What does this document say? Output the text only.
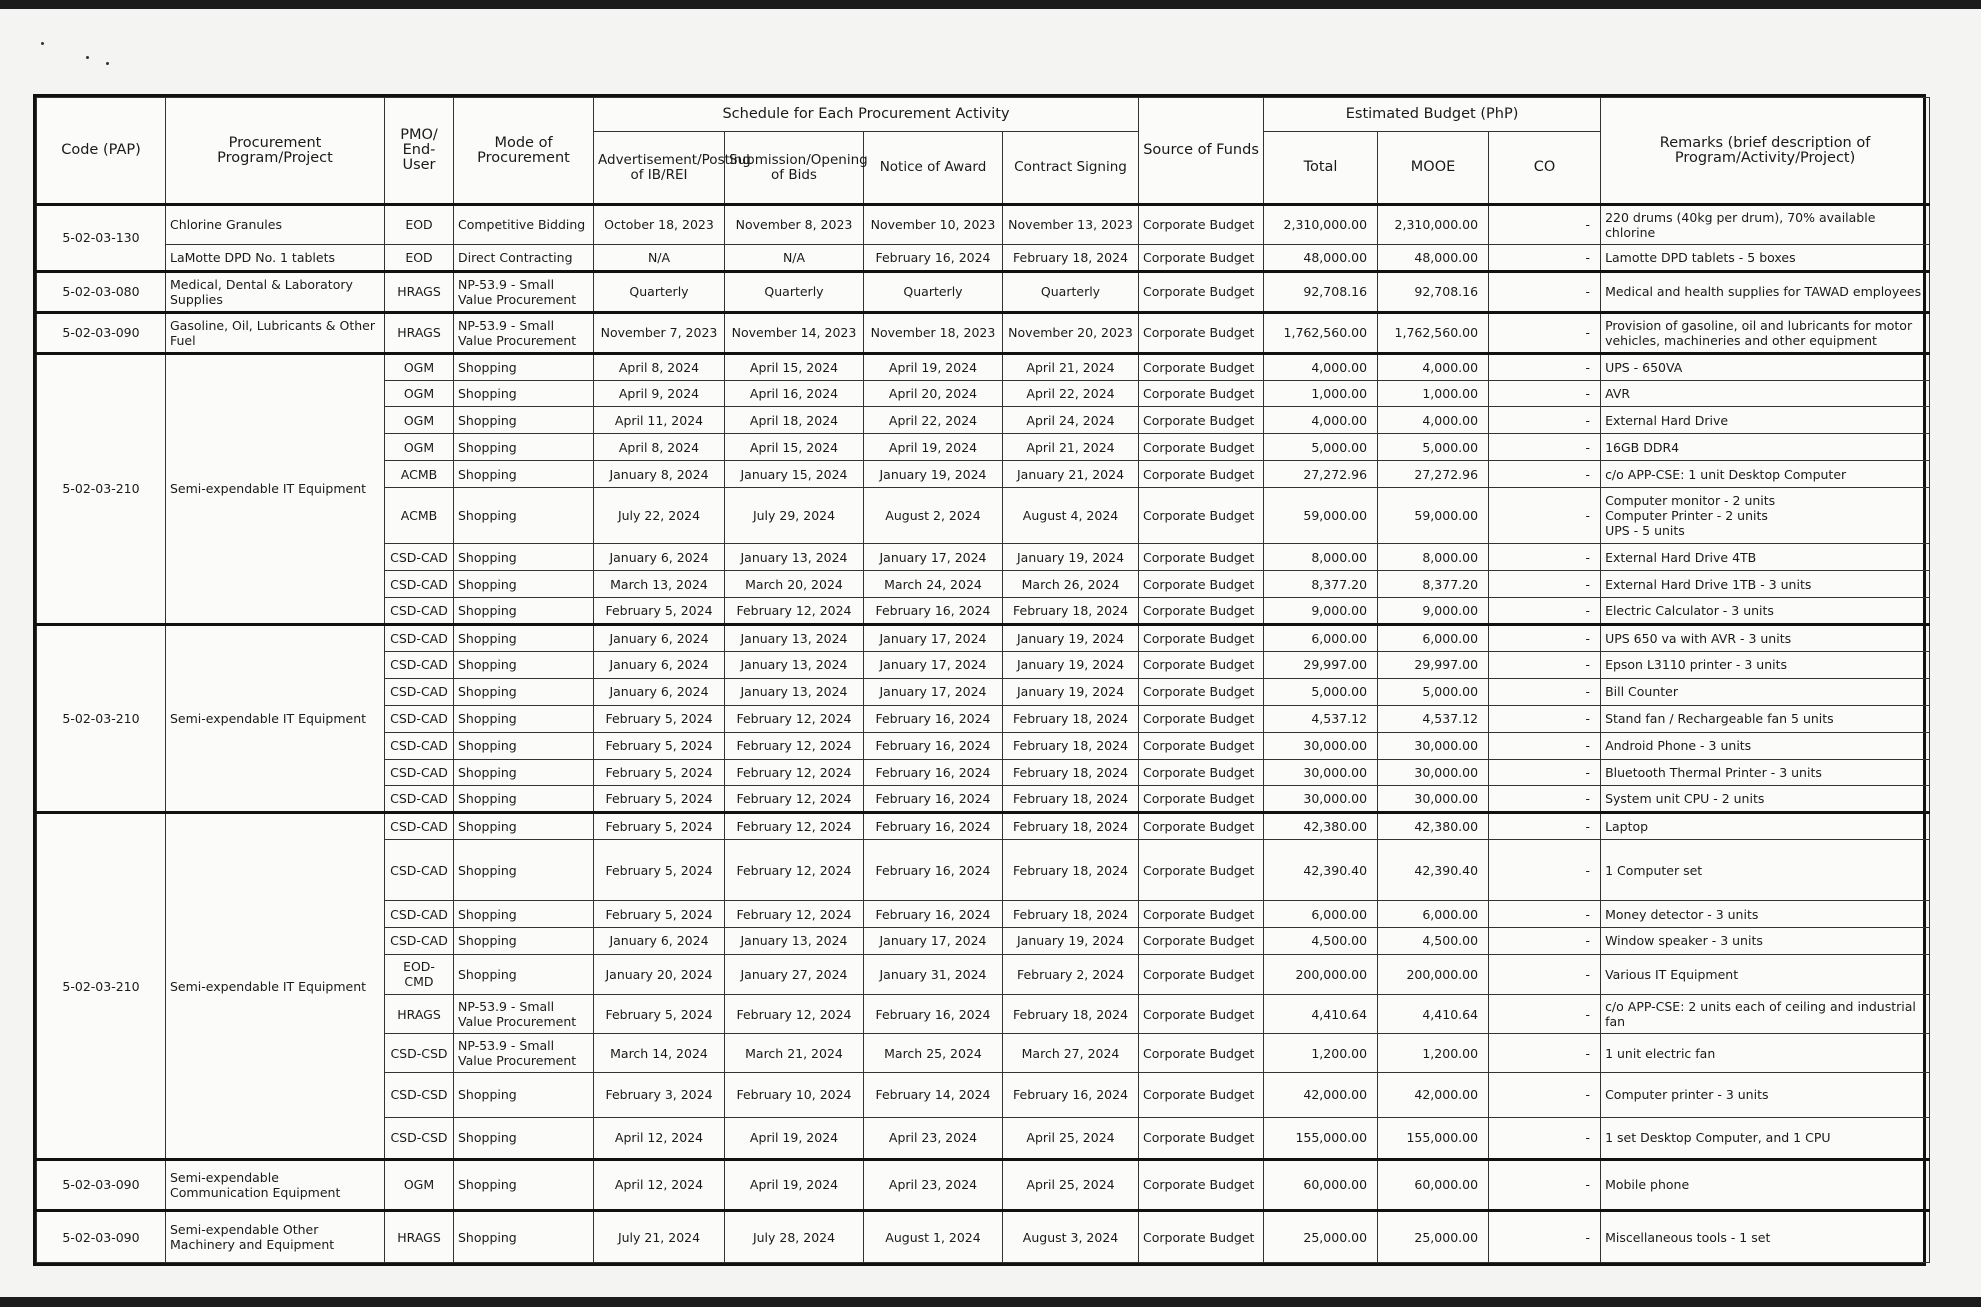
Code (PAP)	Procurement Program/Project	PMO/ End-User	Mode of Procurement	Schedule for Each Procurement Activity				Source of Funds	Estimated Budget (PhP)			Remarks (brief description of Program/Activity/Project)
				Advertisement/Posting of IB/REI	Submission/Opening of Bids	Notice of Award	Contract Signing		Total	MOOE	CO	
5-02-03-130	Chlorine Granules	EOD	Competitive Bidding	October 18, 2023	November 8, 2023	November 10, 2023	November 13, 2023	Corporate Budget	2,310,000.00	2,310,000.00	-	220 drums (40kg per drum), 70% available chlorine
	LaMotte DPD No. 1 tablets	EOD	Direct Contracting	N/A	N/A	February 16, 2024	February 18, 2024	Corporate Budget	48,000.00	48,000.00	-	Lamotte DPD tablets - 5 boxes
5-02-03-080	Medical, Dental & Laboratory Supplies	HRAGS	NP-53.9 - Small Value Procurement	Quarterly	Quarterly	Quarterly	Quarterly	Corporate Budget	92,708.16	92,708.16	-	Medical and health supplies for TAWAD employees
5-02-03-090	Gasoline, Oil, Lubricants & Other Fuel	HRAGS	NP-53.9 - Small Value Procurement	November 7, 2023	November 14, 2023	November 18, 2023	November 20, 2023	Corporate Budget	1,762,560.00	1,762,560.00	-	Provision of gasoline, oil and lubricants for motor vehicles, machineries and other equipment
5-02-03-210	Semi-expendable IT Equipment	OGM	Shopping	April 8, 2024	April 15, 2024	April 19, 2024	April 21, 2024	Corporate Budget	4,000.00	4,000.00	-	UPS - 650VA
		OGM	Shopping	April 9, 2024	April 16, 2024	April 20, 2024	April 22, 2024	Corporate Budget	1,000.00	1,000.00	-	AVR
		OGM	Shopping	April 11, 2024	April 18, 2024	April 22, 2024	April 24, 2024	Corporate Budget	4,000.00	4,000.00	-	External Hard Drive
		OGM	Shopping	April 8, 2024	April 15, 2024	April 19, 2024	April 21, 2024	Corporate Budget	5,000.00	5,000.00	-	16GB DDR4
		ACMB	Shopping	January 8, 2024	January 15, 2024	January 19, 2024	January 21, 2024	Corporate Budget	27,272.96	27,272.96	-	c/o APP-CSE: 1 unit Desktop Computer
		ACMB	Shopping	July 22, 2024	July 29, 2024	August 2, 2024	August 4, 2024	Corporate Budget	59,000.00	59,000.00	-	Computer monitor - 2 units
Computer Printer - 2 units
UPS - 5 units
		CSD-CAD	Shopping	January 6, 2024	January 13, 2024	January 17, 2024	January 19, 2024	Corporate Budget	8,000.00	8,000.00	-	External Hard Drive 4TB
		CSD-CAD	Shopping	March 13, 2024	March 20, 2024	March 24, 2024	March 26, 2024	Corporate Budget	8,377.20	8,377.20	-	External Hard Drive 1TB - 3 units
		CSD-CAD	Shopping	February 5, 2024	February 12, 2024	February 16, 2024	February 18, 2024	Corporate Budget	9,000.00	9,000.00	-	Electric Calculator - 3 units
5-02-03-210	Semi-expendable IT Equipment	CSD-CAD	Shopping	January 6, 2024	January 13, 2024	January 17, 2024	January 19, 2024	Corporate Budget	6,000.00	6,000.00	-	UPS 650 va with AVR - 3 units
		CSD-CAD	Shopping	January 6, 2024	January 13, 2024	January 17, 2024	January 19, 2024	Corporate Budget	29,997.00	29,997.00	-	Epson L3110 printer - 3 units
		CSD-CAD	Shopping	January 6, 2024	January 13, 2024	January 17, 2024	January 19, 2024	Corporate Budget	5,000.00	5,000.00	-	Bill Counter
		CSD-CAD	Shopping	February 5, 2024	February 12, 2024	February 16, 2024	February 18, 2024	Corporate Budget	4,537.12	4,537.12	-	Stand fan / Rechargeable fan 5 units
		CSD-CAD	Shopping	February 5, 2024	February 12, 2024	February 16, 2024	February 18, 2024	Corporate Budget	30,000.00	30,000.00	-	Android Phone - 3 units
		CSD-CAD	Shopping	February 5, 2024	February 12, 2024	February 16, 2024	February 18, 2024	Corporate Budget	30,000.00	30,000.00	-	Bluetooth Thermal Printer - 3 units
		CSD-CAD	Shopping	February 5, 2024	February 12, 2024	February 16, 2024	February 18, 2024	Corporate Budget	30,000.00	30,000.00	-	System unit CPU - 2 units
5-02-03-210	Semi-expendable IT Equipment	CSD-CAD	Shopping	February 5, 2024	February 12, 2024	February 16, 2024	February 18, 2024	Corporate Budget	42,380.00	42,380.00	-	Laptop
		CSD-CAD	Shopping	February 5, 2024	February 12, 2024	February 16, 2024	February 18, 2024	Corporate Budget	42,390.40	42,390.40	-	1 Computer set
		CSD-CAD	Shopping	February 5, 2024	February 12, 2024	February 16, 2024	February 18, 2024	Corporate Budget	6,000.00	6,000.00	-	Money detector - 3 units
		CSD-CAD	Shopping	January 6, 2024	January 13, 2024	January 17, 2024	January 19, 2024	Corporate Budget	4,500.00	4,500.00	-	Window speaker - 3 units
		EOD-CMD	Shopping	January 20, 2024	January 27, 2024	January 31, 2024	February 2, 2024	Corporate Budget	200,000.00	200,000.00	-	Various IT Equipment
		HRAGS	NP-53.9 - Small Value Procurement	February 5, 2024	February 12, 2024	February 16, 2024	February 18, 2024	Corporate Budget	4,410.64	4,410.64	-	c/o APP-CSE: 2 units each of ceiling and industrial fan
		CSD-CSD	NP-53.9 - Small Value Procurement	March 14, 2024	March 21, 2024	March 25, 2024	March 27, 2024	Corporate Budget	1,200.00	1,200.00	-	1 unit electric fan
		CSD-CSD	Shopping	February 3, 2024	February 10, 2024	February 14, 2024	February 16, 2024	Corporate Budget	42,000.00	42,000.00	-	Computer printer - 3 units
		CSD-CSD	Shopping	April 12, 2024	April 19, 2024	April 23, 2024	April 25, 2024	Corporate Budget	155,000.00	155,000.00	-	1 set Desktop Computer, and 1 CPU
5-02-03-090	Semi-expendable Communication Equipment	OGM	Shopping	April 12, 2024	April 19, 2024	April 23, 2024	April 25, 2024	Corporate Budget	60,000.00	60,000.00	-	Mobile phone
5-02-03-090	Semi-expendable Other Machinery and Equipment	HRAGS	Shopping	July 21, 2024	July 28, 2024	August 1, 2024	August 3, 2024	Corporate Budget	25,000.00	25,000.00	-	Miscellaneous tools - 1 set
